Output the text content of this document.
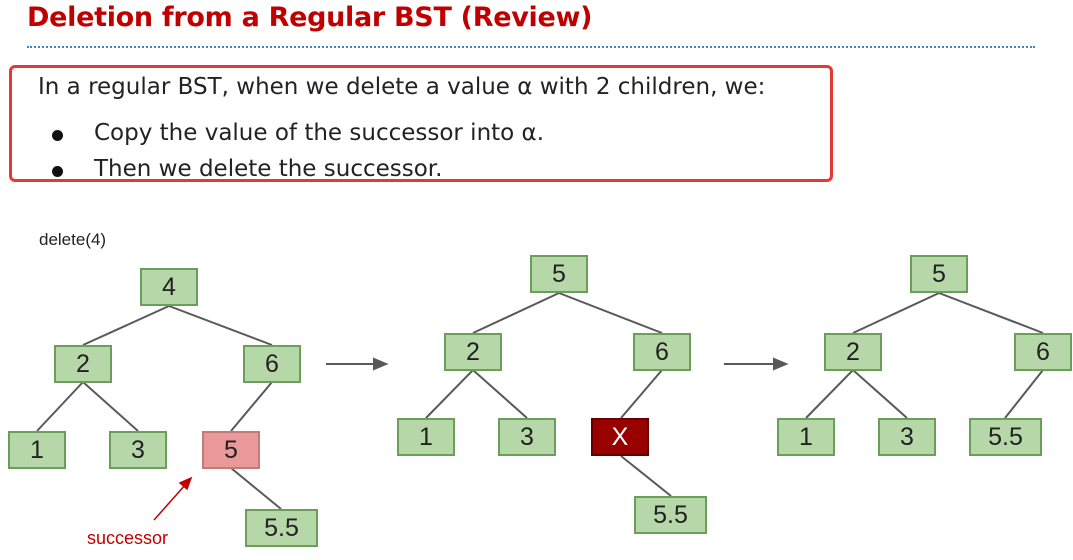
Deletion from a Regular BST (Review)
In a regular BST, when we delete a value α with 2 children, we:
Copy the value of the successor into α.
Then we delete the successor.
delete(4)
4
2	6
1	3	5
5.5
successor
5
2	6
1	3	X
5.5
5
2	6
1	3	5.5
